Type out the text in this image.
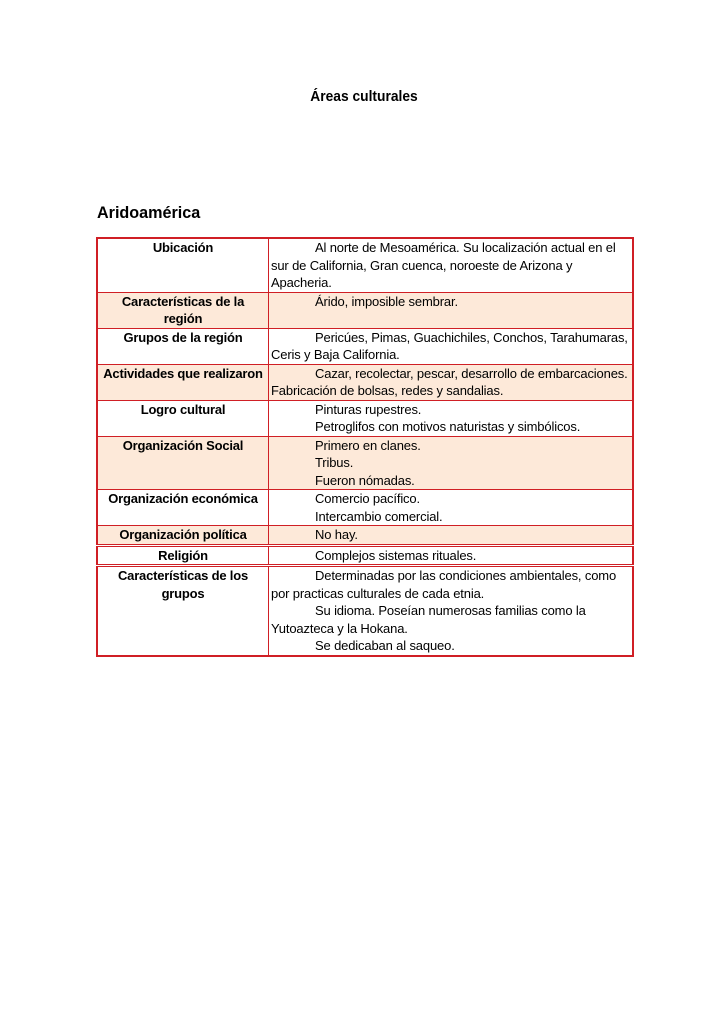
Áreas culturales
Aridoamérica
Ubicación	Al norte de Mesoamérica. Su localización actual en el sur de California, Gran cuenca, noroeste de Arizona y Apacheria.

Características de la región	Árido, imposible sembrar.

Grupos de la región	Pericúes, Pimas, Guachichiles, Conchos, Tarahumaras, Ceris y Baja California.

Actividades que realizaron	Cazar, recolectar, pescar, desarrollo de embarcaciones. Fabricación de bolsas, redes y sandalias.

Logro cultural	Pinturas rupestres.
Petroglifos con motivos naturistas y simbólicos.

Organización Social	Primero en clanes.
Tribus.
Fueron nómadas.

Organización económica	Comercio pacífico.
Intercambio comercial.

Organización política	No hay.

Religión	Complejos sistemas rituales.

Características de los grupos	Determinadas por las condiciones ambientales, como por practicas culturales de cada etnia.
Su idioma. Poseían numerosas familias como la Yutoazteca y la Hokana.
Se dedicaban al saqueo.
